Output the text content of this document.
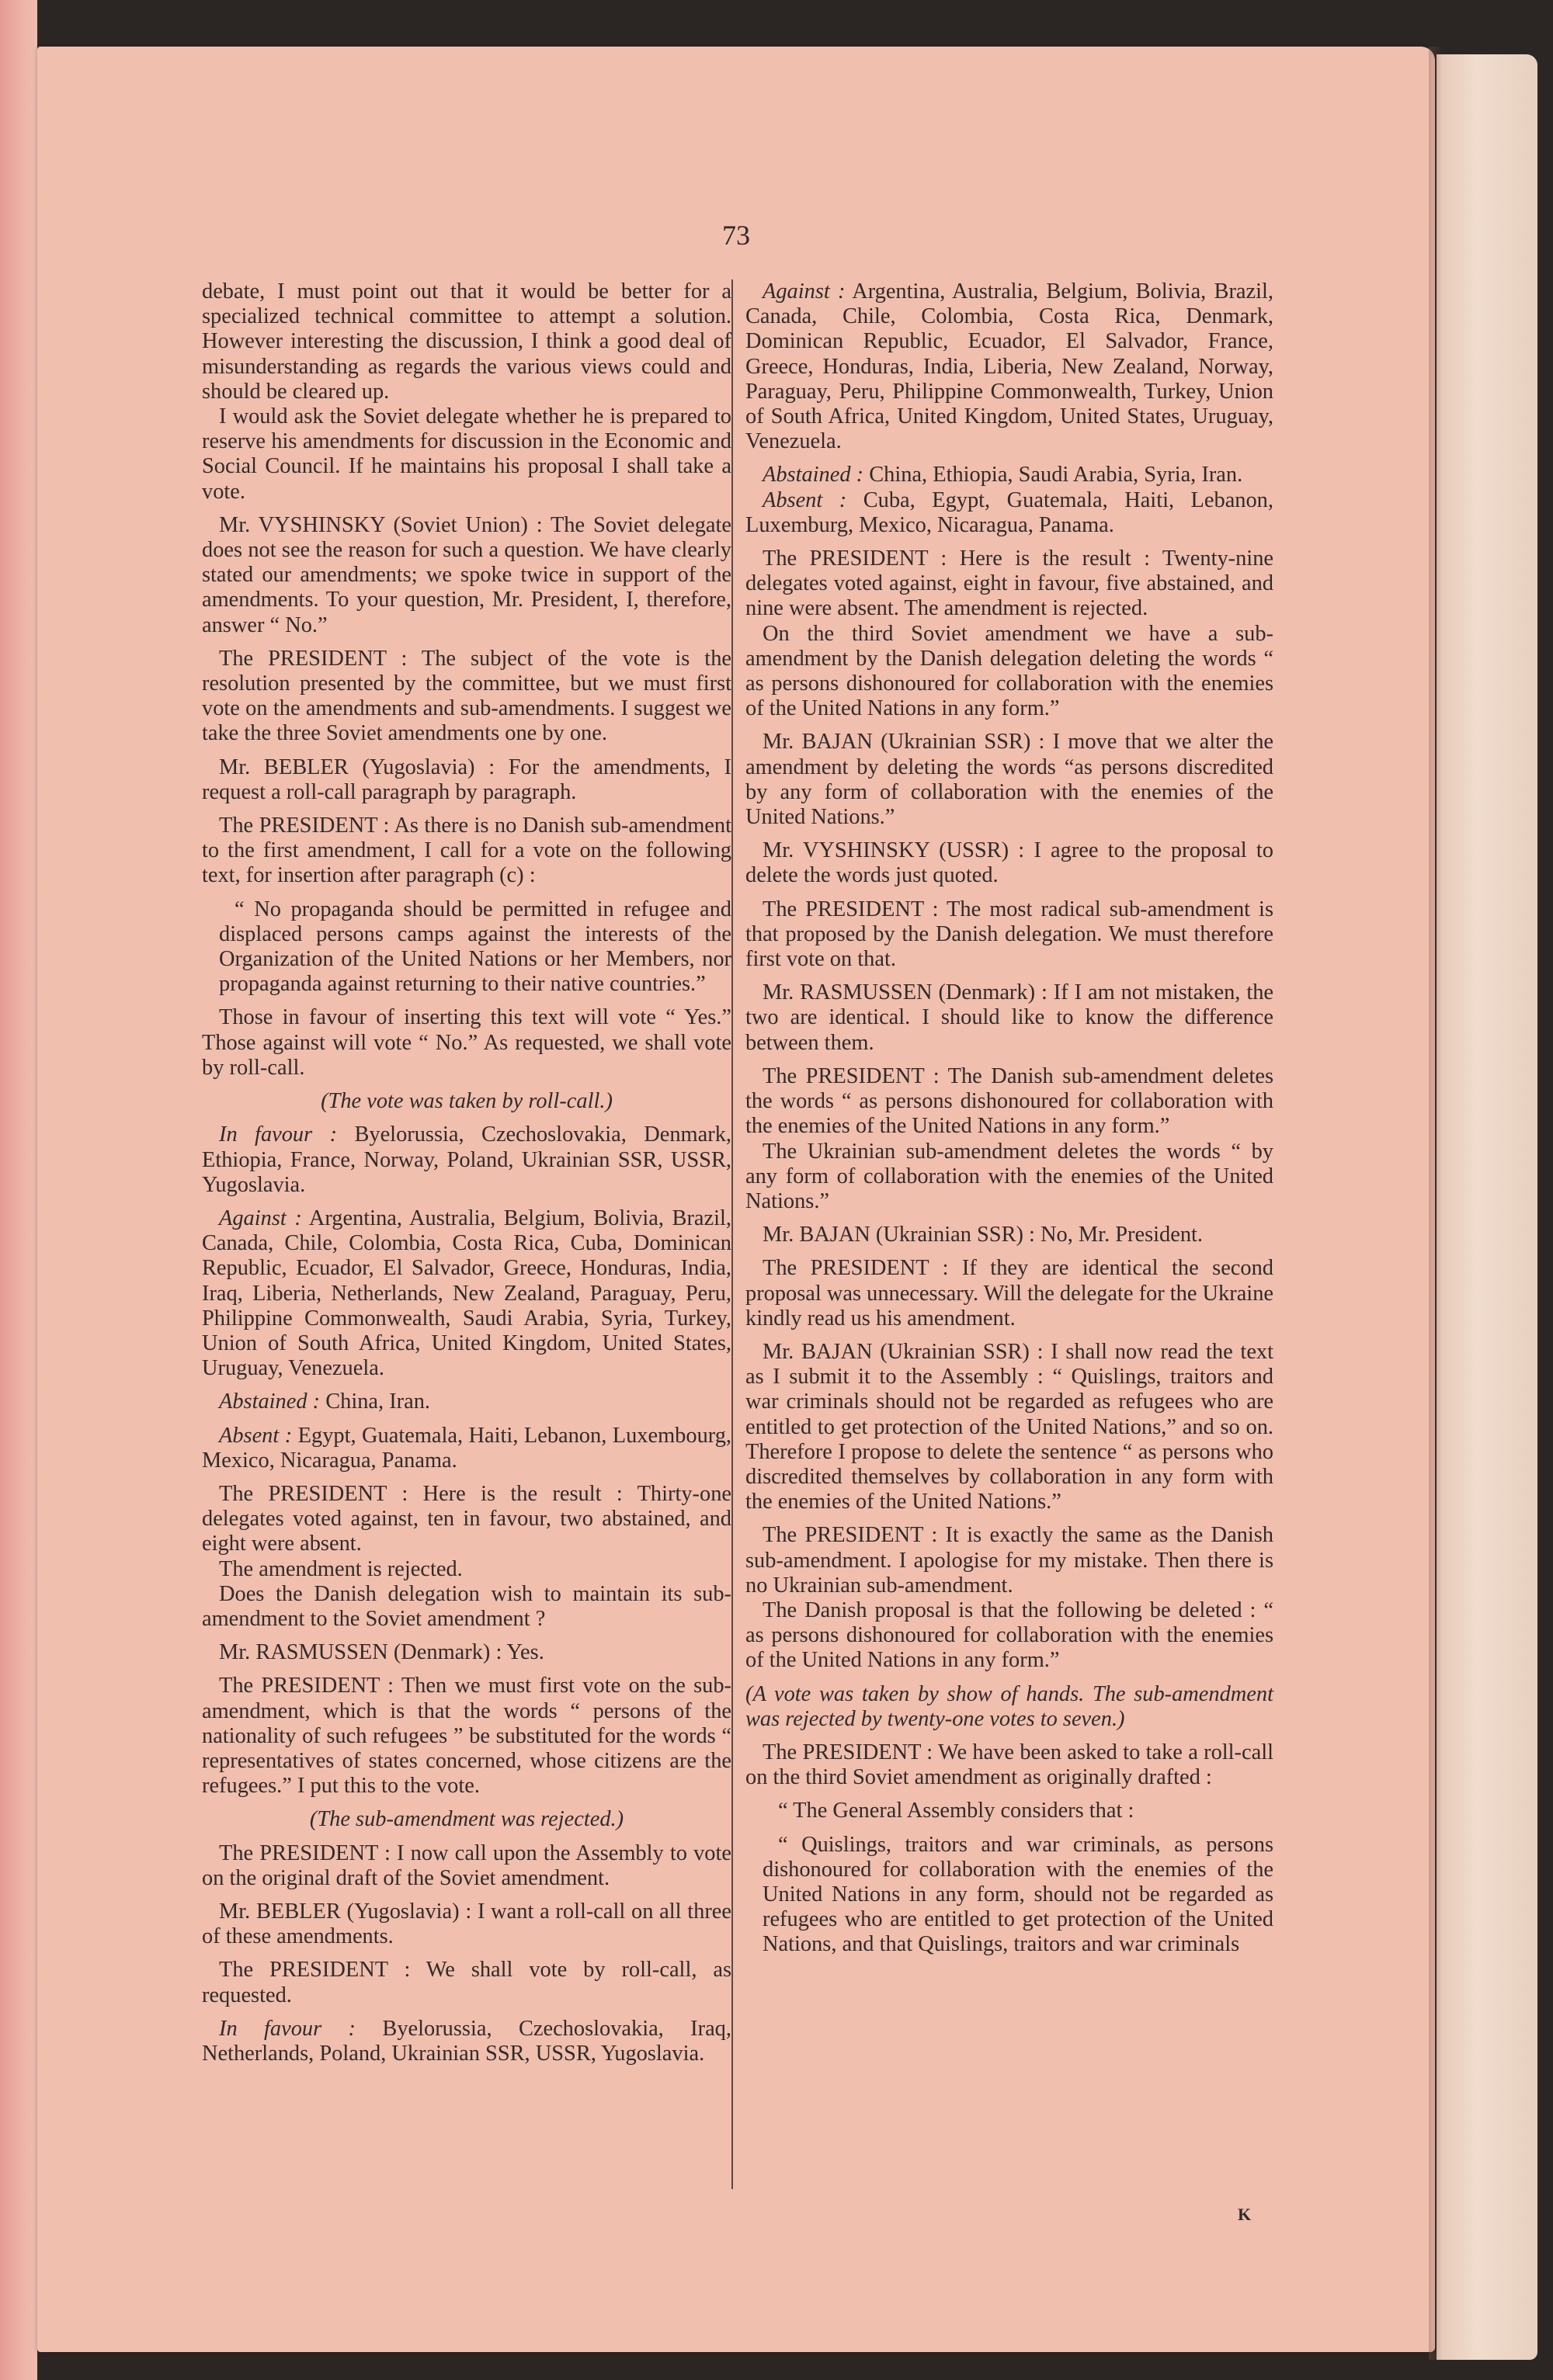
73

debate, I must point out that it would be better for a specialized technical committee to attempt a solution. However interesting the discussion, I think a good deal of misunderstanding as regards the various views could and should be cleared up.

I would ask the Soviet delegate whether he is prepared to reserve his amendments for discussion in the Economic and Social Council. If he maintains his proposal I shall take a vote.

Mr. VYSHINSKY (Soviet Union) : The Soviet delegate does not see the reason for such a question. We have clearly stated our amendments; we spoke twice in support of the amendments. To your question, Mr. President, I, therefore, answer “ No.”

The PRESIDENT : The subject of the vote is the resolution presented by the committee, but we must first vote on the amendments and sub-amendments. I suggest we take the three Soviet amendments one by one.

Mr. BEBLER (Yugoslavia) : For the amendments, I request a roll-call paragraph by paragraph.

The PRESIDENT : As there is no Danish sub-amendment to the first amendment, I call for a vote on the following text, for insertion after paragraph (c) :

“ No propaganda should be permitted in refugee and displaced persons camps against the interests of the Organization of the United Nations or her Members, nor propaganda against returning to their native countries.”

Those in favour of inserting this text will vote “ Yes.” Those against will vote “ No.” As requested, we shall vote by roll-call.

(The vote was taken by roll-call.)

In favour : Byelorussia, Czechoslovakia, Denmark, Ethiopia, France, Norway, Poland, Ukrainian SSR, USSR, Yugoslavia.

Against : Argentina, Australia, Belgium, Bolivia, Brazil, Canada, Chile, Colombia, Costa Rica, Cuba, Dominican Republic, Ecuador, El Salvador, Greece, Honduras, India, Iraq, Liberia, Netherlands, New Zealand, Paraguay, Peru, Philippine Commonwealth, Saudi Arabia, Syria, Turkey, Union of South Africa, United Kingdom, United States, Uruguay, Venezuela.

Abstained : China, Iran.

Absent : Egypt, Guatemala, Haiti, Lebanon, Luxembourg, Mexico, Nicaragua, Panama.

The PRESIDENT : Here is the result : Thirty-one delegates voted against, ten in favour, two abstained, and eight were absent.

The amendment is rejected.

Does the Danish delegation wish to maintain its sub-amendment to the Soviet amendment ?

Mr. RASMUSSEN (Denmark) : Yes.

The PRESIDENT : Then we must first vote on the sub-amendment, which is that the words “ persons of the nationality of such refugees ” be substituted for the words “ representatives of states concerned, whose citizens are the refugees.” I put this to the vote.

(The sub-amendment was rejected.)

The PRESIDENT : I now call upon the Assembly to vote on the original draft of the Soviet amendment.

Mr. BEBLER (Yugoslavia) : I want a roll-call on all three of these amendments.

The PRESIDENT : We shall vote by roll-call, as requested.

In favour : Byelorussia, Czechoslovakia, Iraq, Netherlands, Poland, Ukrainian SSR, USSR, Yugoslavia.

Against : Argentina, Australia, Belgium, Bolivia, Brazil, Canada, Chile, Colombia, Costa Rica, Denmark, Dominican Republic, Ecuador, El Salvador, France, Greece, Honduras, India, Liberia, New Zealand, Norway, Paraguay, Peru, Philippine Commonwealth, Turkey, Union of South Africa, United Kingdom, United States, Uruguay, Venezuela.

Abstained : China, Ethiopia, Saudi Arabia, Syria, Iran.

Absent : Cuba, Egypt, Guatemala, Haiti, Lebanon, Luxemburg, Mexico, Nicaragua, Panama.

The PRESIDENT : Here is the result : Twenty-nine delegates voted against, eight in favour, five abstained, and nine were absent. The amendment is rejected.

On the third Soviet amendment we have a sub-amendment by the Danish delegation deleting the words “ as persons dishonoured for collaboration with the enemies of the United Nations in any form.”

Mr. BAJAN (Ukrainian SSR) : I move that we alter the amendment by deleting the words “as persons discredited by any form of collaboration with the enemies of the United Nations.”

Mr. VYSHINSKY (USSR) : I agree to the proposal to delete the words just quoted.

The PRESIDENT : The most radical sub-amendment is that proposed by the Danish delegation. We must therefore first vote on that.

Mr. RASMUSSEN (Denmark) : If I am not mistaken, the two are identical. I should like to know the difference between them.

The PRESIDENT : The Danish sub-amendment deletes the words “ as persons dishonoured for collaboration with the enemies of the United Nations in any form.”

The Ukrainian sub-amendment deletes the words “ by any form of collaboration with the enemies of the United Nations.”

Mr. BAJAN (Ukrainian SSR) : No, Mr. President.

The PRESIDENT : If they are identical the second proposal was unnecessary. Will the delegate for the Ukraine kindly read us his amendment.

Mr. BAJAN (Ukrainian SSR) : I shall now read the text as I submit it to the Assembly : “ Quislings, traitors and war criminals should not be regarded as refugees who are entitled to get protection of the United Nations,” and so on. Therefore I propose to delete the sentence “ as persons who discredited themselves by collaboration in any form with the enemies of the United Nations.”

The PRESIDENT : It is exactly the same as the Danish sub-amendment. I apologise for my mistake. Then there is no Ukrainian sub-amendment.

The Danish proposal is that the following be deleted : “ as persons dishonoured for collaboration with the enemies of the United Nations in any form.”

(A vote was taken by show of hands. The sub-amendment was rejected by twenty-one votes to seven.)

The PRESIDENT : We have been asked to take a roll-call on the third Soviet amendment as originally drafted :

“ The General Assembly considers that :

“ Quislings, traitors and war criminals, as persons dishonoured for collaboration with the enemies of the United Nations in any form, should not be regarded as refugees who are entitled to get protection of the United Nations, and that Quislings, traitors and war criminals

K
